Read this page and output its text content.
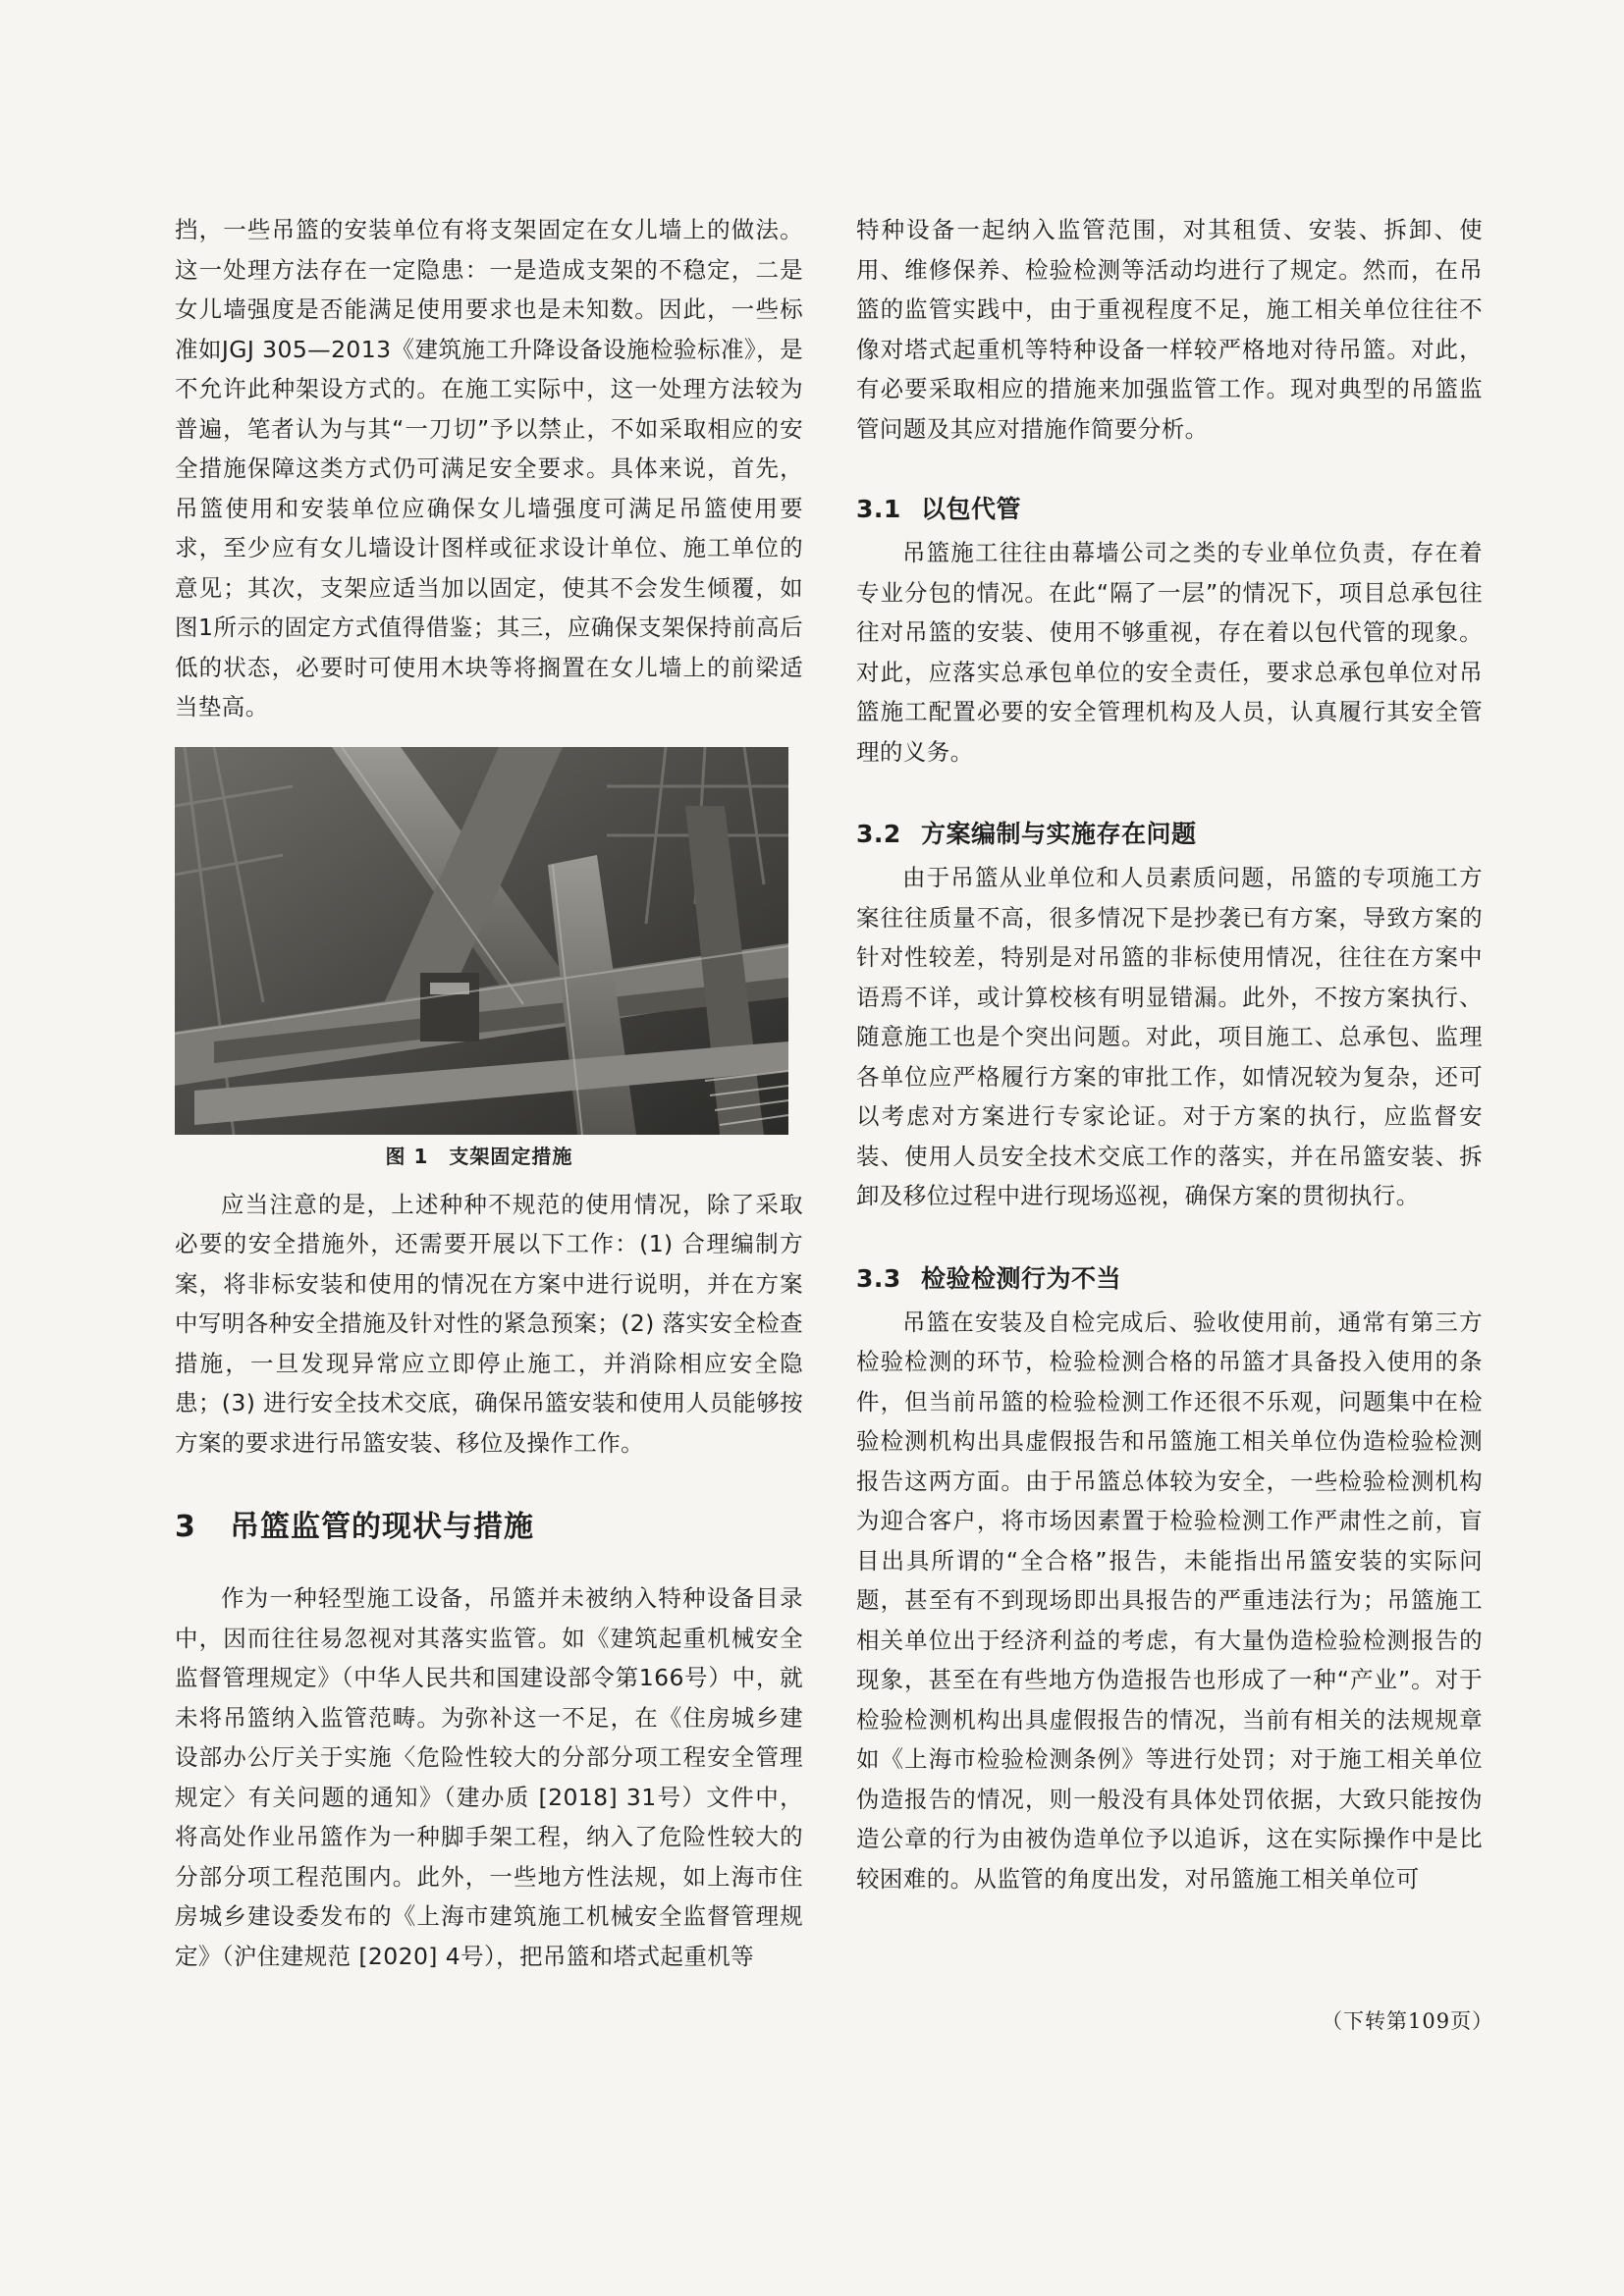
挡，一些吊篮的安装单位有将支架固定在女儿墙上的做法。这一处理方法存在一定隐患：一是造成支架的不稳定，二是女儿墙强度是否能满足使用要求也是未知数。因此，一些标准如JGJ 305—2013《建筑施工升降设备设施检验标准》，是不允许此种架设方式的。在施工实际中，这一处理方法较为普遍，笔者认为与其“一刀切”予以禁止，不如采取相应的安全措施保障这类方式仍可满足安全要求。具体来说，首先，吊篮使用和安装单位应确保女儿墙强度可满足吊篮使用要求，至少应有女儿墙设计图样或征求设计单位、施工单位的意见；其次，支架应适当加以固定，使其不会发生倾覆，如图1所示的固定方式值得借鉴；其三，应确保支架保持前高后低的状态，必要时可使用木块等将搁置在女儿墙上的前梁适当垫高。

图 1　支架固定措施

应当注意的是，上述种种不规范的使用情况，除了采取必要的安全措施外，还需要开展以下工作：(1) 合理编制方案，将非标安装和使用的情况在方案中进行说明，并在方案中写明各种安全措施及针对性的紧急预案；(2) 落实安全检查措施，一旦发现异常应立即停止施工，并消除相应安全隐患；(3) 进行安全技术交底，确保吊篮安装和使用人员能够按方案的要求进行吊篮安装、移位及操作工作。

3 吊篮监管的现状与措施

作为一种轻型施工设备，吊篮并未被纳入特种设备目录中，因而往往易忽视对其落实监管。如《建筑起重机械安全监督管理规定》（中华人民共和国建设部令第166号）中，就未将吊篮纳入监管范畴。为弥补这一不足，在《住房城乡建设部办公厅关于实施〈危险性较大的分部分项工程安全管理规定〉有关问题的通知》（建办质 [2018] 31号）文件中，将高处作业吊篮作为一种脚手架工程，纳入了危险性较大的分部分项工程范围内。此外，一些地方性法规，如上海市住房城乡建设委发布的《上海市建筑施工机械安全监督管理规定》（沪住建规范 [2020] 4号），把吊篮和塔式起重机等

特种设备一起纳入监管范围，对其租赁、安装、拆卸、使用、维修保养、检验检测等活动均进行了规定。然而，在吊篮的监管实践中，由于重视程度不足，施工相关单位往往不像对塔式起重机等特种设备一样较严格地对待吊篮。对此，有必要采取相应的措施来加强监管工作。现对典型的吊篮监管问题及其应对措施作简要分析。

3.1 以包代管

吊篮施工往往由幕墙公司之类的专业单位负责，存在着专业分包的情况。在此“隔了一层”的情况下，项目总承包往往对吊篮的安装、使用不够重视，存在着以包代管的现象。对此，应落实总承包单位的安全责任，要求总承包单位对吊篮施工配置必要的安全管理机构及人员，认真履行其安全管理的义务。

3.2 方案编制与实施存在问题

由于吊篮从业单位和人员素质问题，吊篮的专项施工方案往往质量不高，很多情况下是抄袭已有方案，导致方案的针对性较差，特别是对吊篮的非标使用情况，往往在方案中语焉不详，或计算校核有明显错漏。此外，不按方案执行、随意施工也是个突出问题。对此，项目施工、总承包、监理各单位应严格履行方案的审批工作，如情况较为复杂，还可以考虑对方案进行专家论证。对于方案的执行，应监督安装、使用人员安全技术交底工作的落实，并在吊篮安装、拆卸及移位过程中进行现场巡视，确保方案的贯彻执行。

3.3 检验检测行为不当

吊篮在安装及自检完成后、验收使用前，通常有第三方检验检测的环节，检验检测合格的吊篮才具备投入使用的条件，但当前吊篮的检验检测工作还很不乐观，问题集中在检验检测机构出具虚假报告和吊篮施工相关单位伪造检验检测报告这两方面。由于吊篮总体较为安全，一些检验检测机构为迎合客户，将市场因素置于检验检测工作严肃性之前，盲目出具所谓的“全合格”报告，未能指出吊篮安装的实际问题，甚至有不到现场即出具报告的严重违法行为；吊篮施工相关单位出于经济利益的考虑，有大量伪造检验检测报告的现象，甚至在有些地方伪造报告也形成了一种“产业”。对于检验检测机构出具虚假报告的情况，当前有相关的法规规章如《上海市检验检测条例》等进行处罚；对于施工相关单位伪造报告的情况，则一般没有具体处罚依据，大致只能按伪造公章的行为由被伪造单位予以追诉，这在实际操作中是比较困难的。从监管的角度出发，对吊篮施工相关单位可

（下转第109页）
